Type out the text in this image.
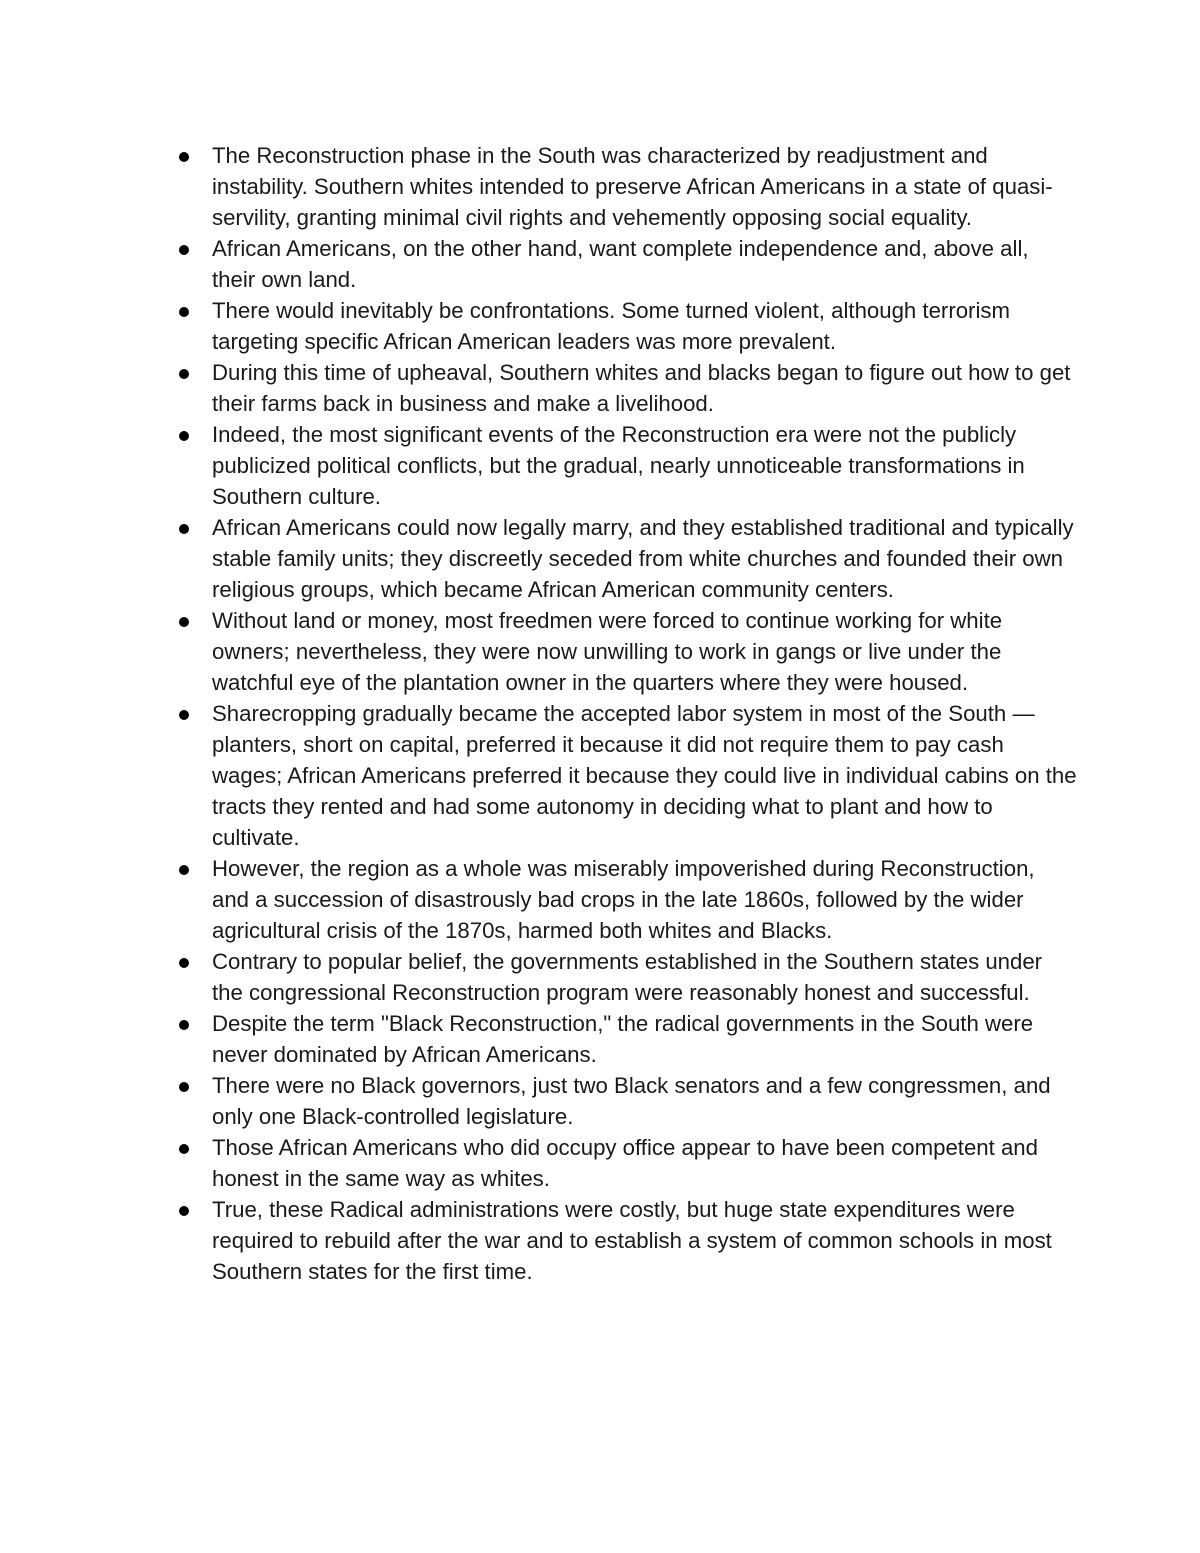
The Reconstruction phase in the South was characterized by readjustment and instability. Southern whites intended to preserve African Americans in a state of quasi-servility, granting minimal civil rights and vehemently opposing social equality.
African Americans, on the other hand, want complete independence and, above all, their own land.
There would inevitably be confrontations. Some turned violent, although terrorism targeting specific African American leaders was more prevalent.
During this time of upheaval, Southern whites and blacks began to figure out how to get their farms back in business and make a livelihood.
Indeed, the most significant events of the Reconstruction era were not the publicly publicized political conflicts, but the gradual, nearly unnoticeable transformations in Southern culture.
African Americans could now legally marry, and they established traditional and typically stable family units; they discreetly seceded from white churches and founded their own religious groups, which became African American community centers.
Without land or money, most freedmen were forced to continue working for white owners; nevertheless, they were now unwilling to work in gangs or live under the watchful eye of the plantation owner in the quarters where they were housed.
Sharecropping gradually became the accepted labor system in most of the South —planters, short on capital, preferred it because it did not require them to pay cash wages; African Americans preferred it because they could live in individual cabins on the tracts they rented and had some autonomy in deciding what to plant and how to cultivate.
However, the region as a whole was miserably impoverished during Reconstruction, and a succession of disastrously bad crops in the late 1860s, followed by the wider agricultural crisis of the 1870s, harmed both whites and Blacks.
Contrary to popular belief, the governments established in the Southern states under the congressional Reconstruction program were reasonably honest and successful.
Despite the term "Black Reconstruction," the radical governments in the South were never dominated by African Americans.
There were no Black governors, just two Black senators and a few congressmen, and only one Black-controlled legislature.
Those African Americans who did occupy office appear to have been competent and honest in the same way as whites.
True, these Radical administrations were costly, but huge state expenditures were required to rebuild after the war and to establish a system of common schools in most Southern states for the first time.
